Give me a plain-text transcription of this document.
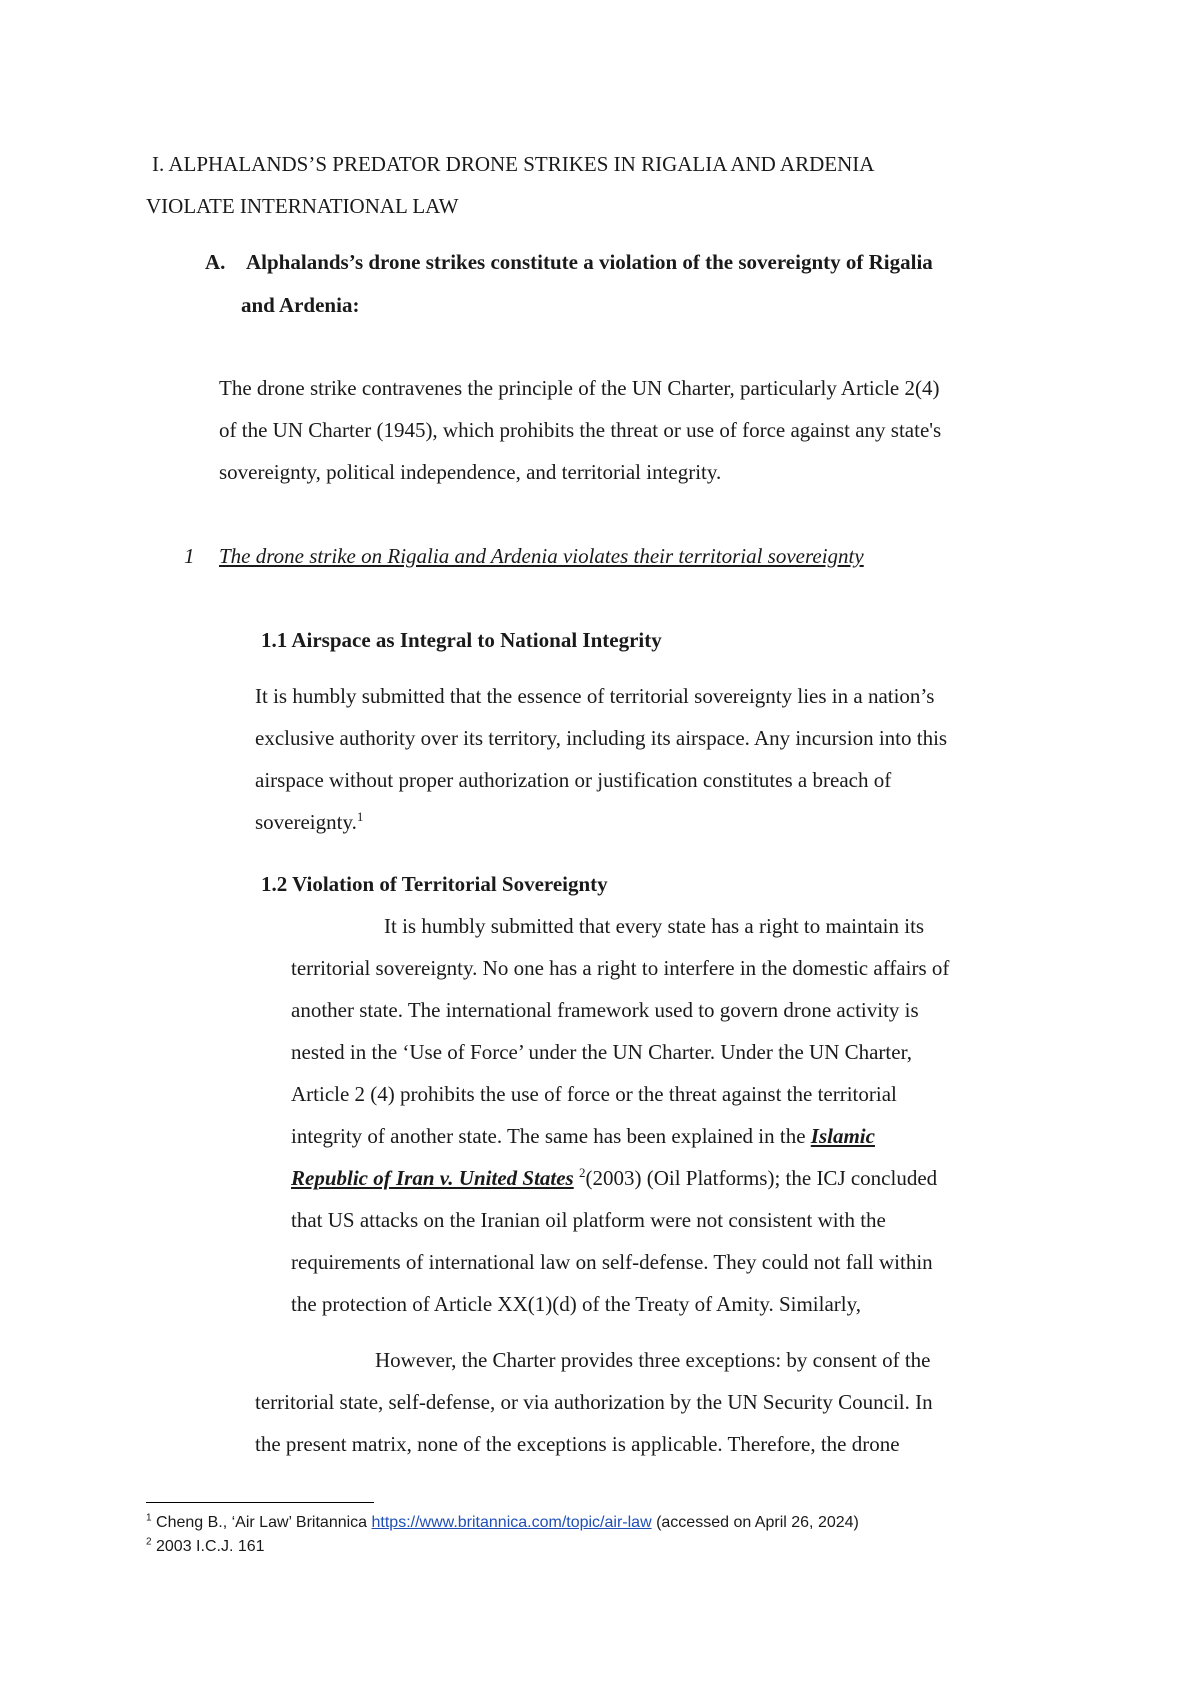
I. ALPHALANDS’S PREDATOR DRONE STRIKES IN RIGALIA AND ARDENIA
VIOLATE INTERNATIONAL LAW
A. Alphalands’s drone strikes constitute a violation of the sovereignty of Rigalia
and Ardenia:
The drone strike contravenes the principle of the UN Charter, particularly Article 2(4)
of the UN Charter (1945), which prohibits the threat or use of force against any state's
sovereignty, political independence, and territorial integrity.
1 The drone strike on Rigalia and Ardenia violates their territorial sovereignty
1.1 Airspace as Integral to National Integrity
It is humbly submitted that the essence of territorial sovereignty lies in a nation’s
exclusive authority over its territory, including its airspace. Any incursion into this
airspace without proper authorization or justification constitutes a breach of
sovereignty.$^1$
1.2 Violation of Territorial Sovereignty
It is humbly submitted that every state has a right to maintain its
territorial sovereignty. No one has a right to interfere in the domestic affairs of
another state. The international framework used to govern drone activity is
nested in the ‘Use of Force’ under the UN Charter. Under the UN Charter,
Article 2 (4) prohibits the use of force or the threat against the territorial
integrity of another state. The same has been explained in the Islamic
Republic of Iran v. United States $^2$(2003) (Oil Platforms); the ICJ concluded
that US attacks on the Iranian oil platform were not consistent with the
requirements of international law on self-defense. They could not fall within
the protection of Article XX(1)(d) of the Treaty of Amity. Similarly,
However, the Charter provides three exceptions: by consent of the
territorial state, self-defense, or via authorization by the UN Security Council. In
the present matrix, none of the exceptions is applicable. Therefore, the drone
$^1$ Cheng B., ‘Air Law’ Britannica https://www.britannica.com/topic/air-law (accessed on April 26, 2024)
$^2$ 2003 I.C.J. 161
